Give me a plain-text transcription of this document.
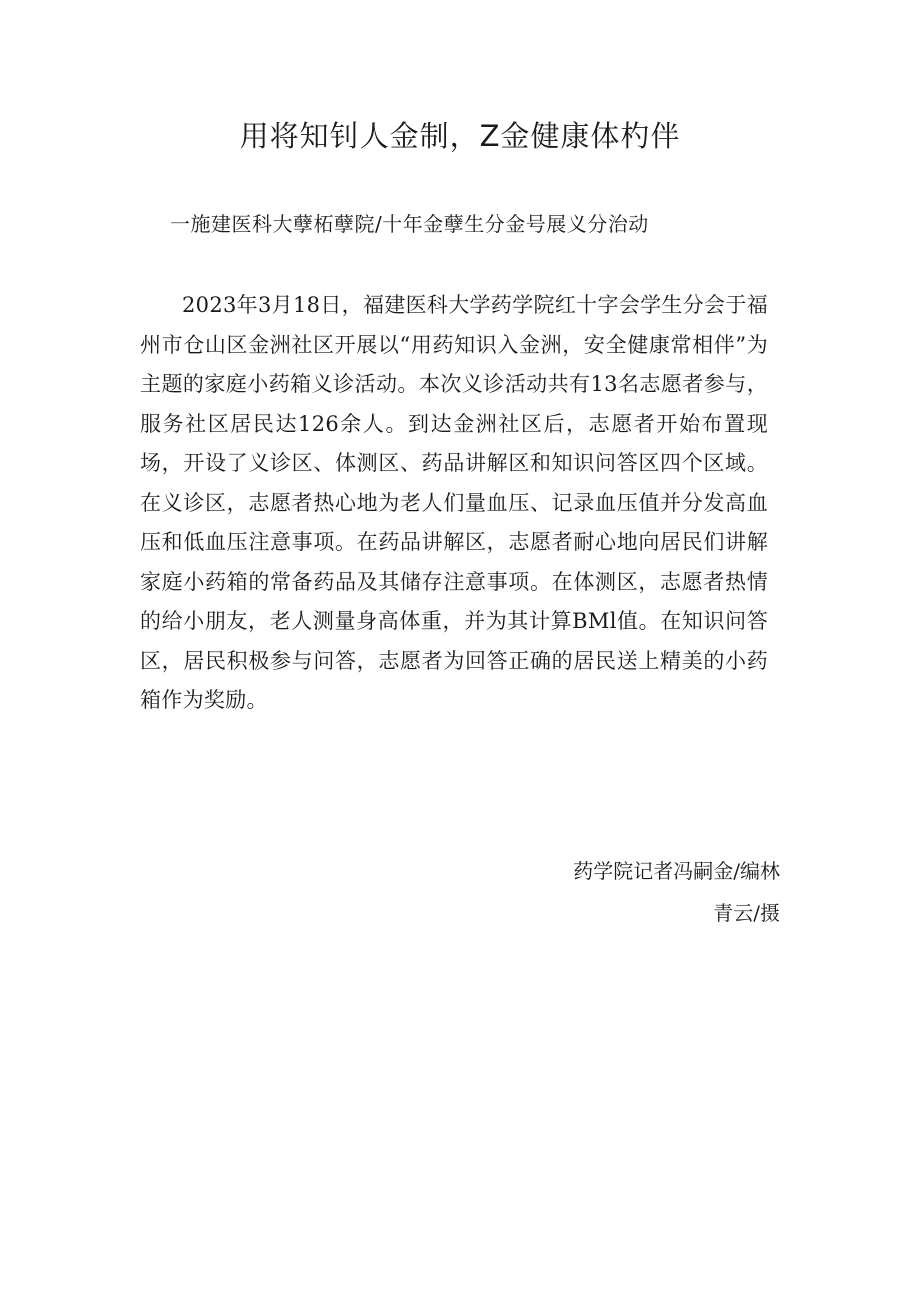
用将知钊人金制，Z金健康体杓伴
一施建医科大孽柘孽院/十年金孽生分金号展义分治动

2023年3月18日，福建医科大学药学院红十字会学生分会于福州市仓山区金洲社区开展以“用药知识入金洲，安全健康常相伴”为主题的家庭小药箱义诊活动。本次义诊活动共有13名志愿者参与，服务社区居民达126余人。到达金洲社区后，志愿者开始布置现场，开设了义诊区、体测区、药品讲解区和知识问答区四个区域。在义诊区，志愿者热心地为老人们量血压、记录血压值并分发高血压和低血压注意事项。在药品讲解区，志愿者耐心地向居民们讲解家庭小药箱的常备药品及其储存注意事项。在体测区，志愿者热情的给小朋友，老人测量身高体重，并为其计算BMl值。在知识问答区，居民积极参与问答，志愿者为回答正确的居民送上精美的小药箱作为奖励。

药学院记者冯嗣金/编林
青云/摄
